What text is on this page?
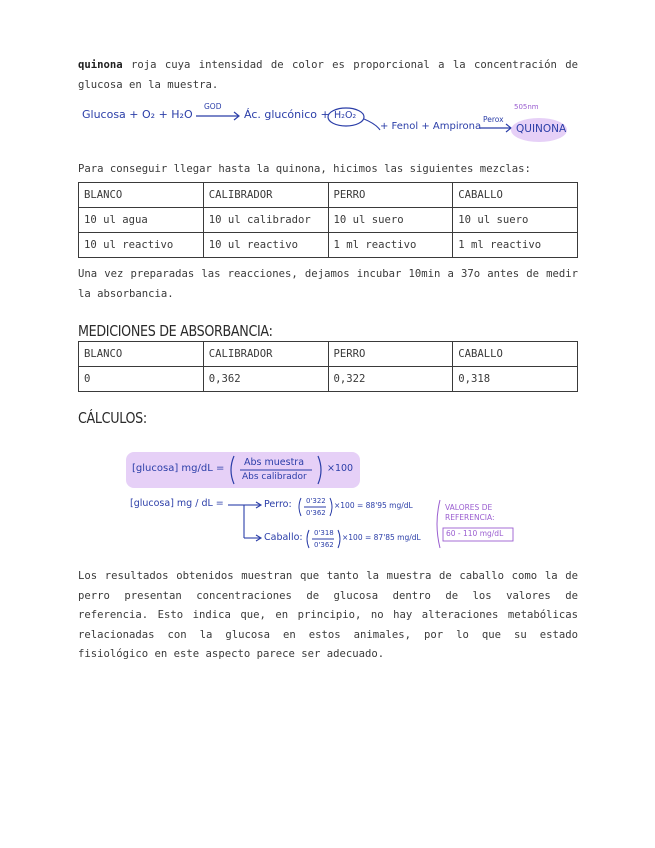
quinona roja cuya intensidad de color es proporcional a la concentración de glucosa en la muestra.

Glucosa + O₂ + H₂O
GOD
Ác. glucónico + H₂O₂
+ Fenol + Ampirona
Perox
505nm
QUINONA

Para conseguir llegar hasta la quinona, hicimos las siguientes mezclas:

BLANCO	CALIBRADOR	PERRO	CABALLO
10 ul agua	10 ul calibrador	10 ul suero	10 ul suero
10 ul reactivo	10 ul reactivo	1 ml reactivo	1 ml reactivo

Una vez preparadas las reacciones, dejamos incubar 10min a 37o antes de medir la absorbancia.

MEDICIONES DE ABSORBANCIA:
BLANCO	CALIBRADOR	PERRO	CABALLO
0	0,362	0,322	0,318
CÁLCULOS:
[glucosa] mg/dL =
Abs muestra
Abs calibrador
×100
[glucosa] mg / dL =	Perro: 0'322
0'362
×100 = 88'95 mg/dL
Caballo: 0'318
0'362
×100 = 87'85 mg/dL
VALORES DE REFERENCIA:
60 - 110 mg/dL

Los resultados obtenidos muestran que tanto la muestra de caballo como la de perro presentan concentraciones de glucosa dentro de los valores de referencia. Esto indica que, en principio, no hay alteraciones metabólicas relacionadas con la glucosa en estos animales, por lo que su estado fisiológico en este aspecto parece ser adecuado.
